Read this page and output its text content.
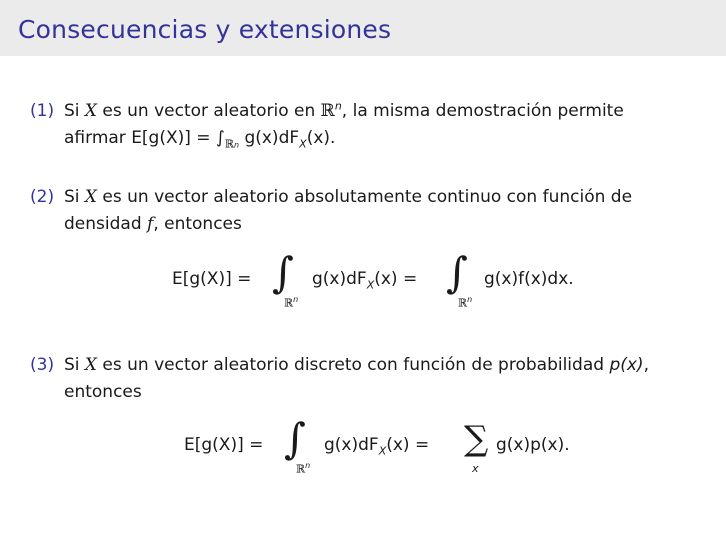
Consecuencias y extensiones
(1) Si X es un vector aleatorio en ℝ$^n$, la misma demostración permite
afirmar $E[g(X)] = \int_{ℝn}$ $g(x)dF_X(x)$.
(2) Si X es un vector aleatorio absolutamente continuo con función de
densidad f, entonces
E[g(X)] = ∫
ℝ$^n$
$g(x)dF_X(x)$ = ∫
ℝ$^n$
g(x)f(x)dx.
(3) Si X es un vector aleatorio discreto con función de probabilidad p(x),
entonces
E[g(X)] = ∫
ℝ$^n$
$g(x)dF_X(x)$ = ∑
x
g(x)p(x).
